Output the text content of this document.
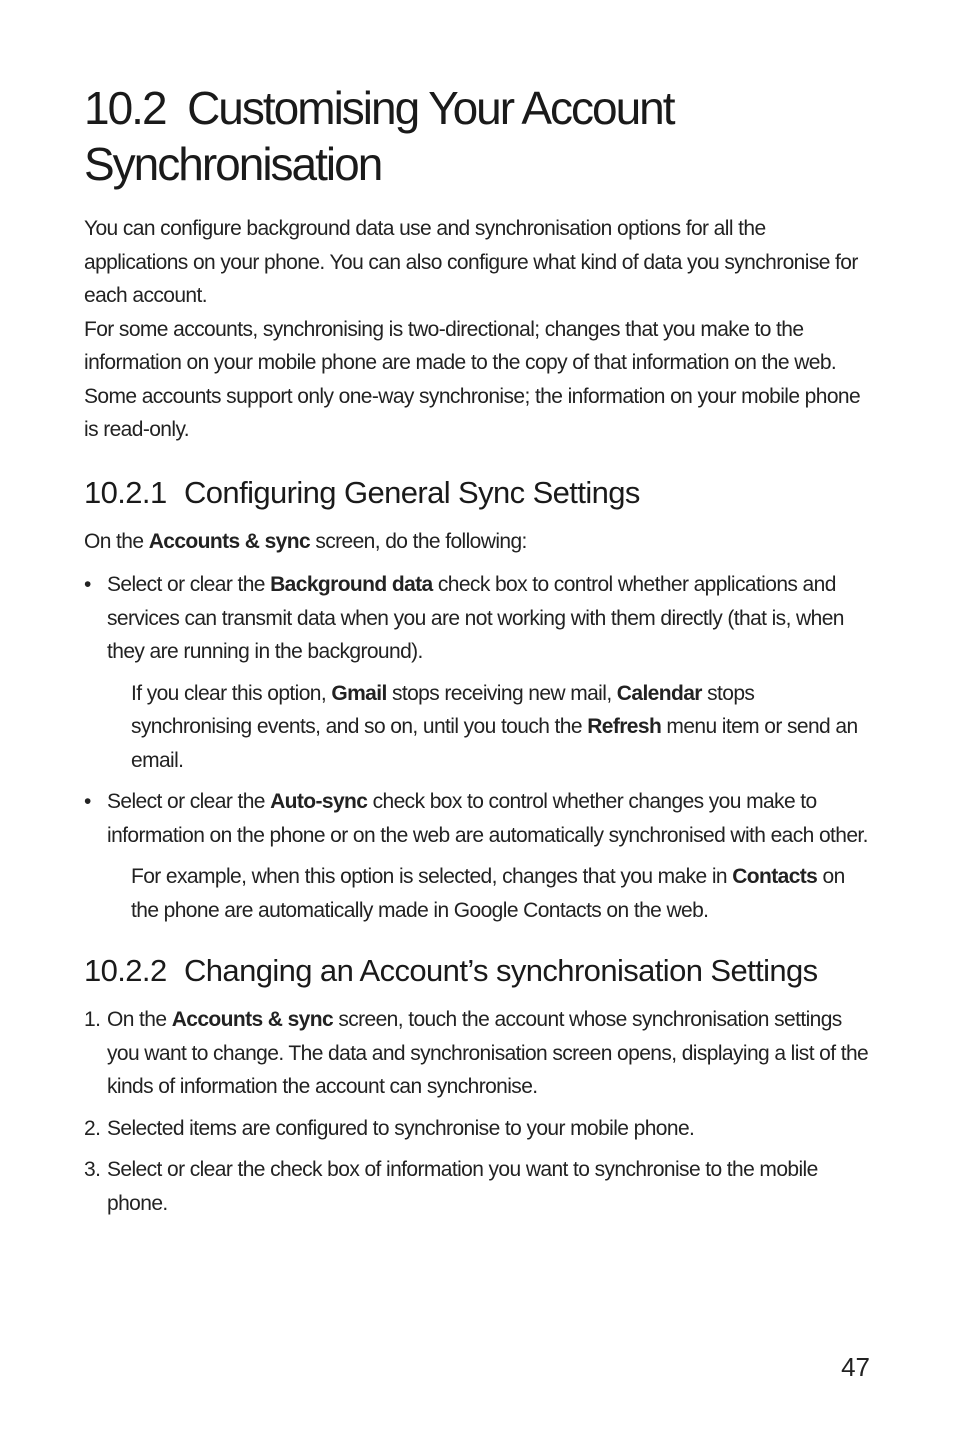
10.2  Customising Your Account
Synchronisation

You can configure background data use and synchronisation options for all the applications on your phone. You can also configure what kind of data you synchronise for each account.

For some accounts, synchronising is two-directional; changes that you make to the information on your mobile phone are made to the copy of that information on the web. Some accounts support only one-way synchronise; the information on your mobile phone is read-only.

10.2.1 Configuring General Sync Settings

On the Accounts & sync screen, do the following:

• Select or clear the Background data check box to control whether applications and services can transmit data when you are not working with them directly (that is, when they are running in the background).

If you clear this option, Gmail stops receiving new mail, Calendar stops synchronising events, and so on, until you touch the Refresh menu item or send an email.

• Select or clear the Auto-sync check box to control whether changes you make to information on the phone or on the web are automatically synchronised with each other.

For example, when this option is selected, changes that you make in Contacts on the phone are automatically made in Google Contacts on the web.

10.2.2 Changing an Account’s synchronisation Settings
1. On the Accounts & sync screen, touch the account whose synchronisation settings you want to change. The data and synchronisation screen opens, displaying a list of the kinds of information the account can synchronise.
2. Selected items are configured to synchronise to your mobile phone.
3. Select or clear the check box of information you want to synchronise to the mobile phone.
47
